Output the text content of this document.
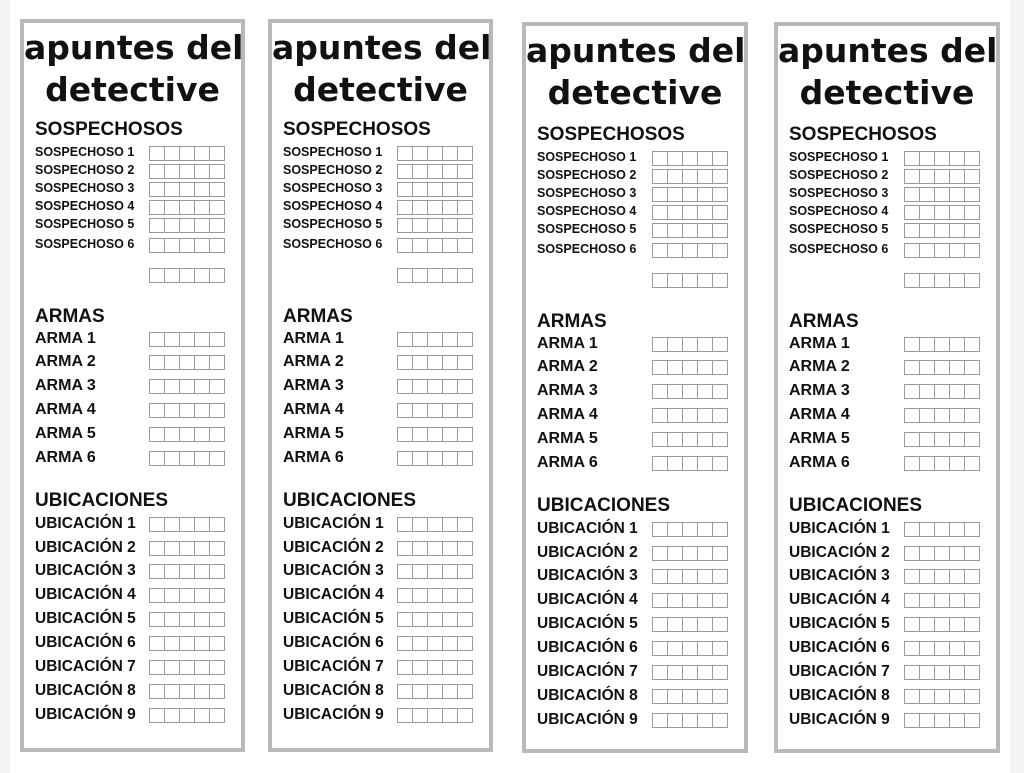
apuntes del
detective
SOSPECHOSOS
SOSPECHOSO 1
SOSPECHOSO 2
SOSPECHOSO 3
SOSPECHOSO 4
SOSPECHOSO 5
SOSPECHOSO 6
ARMAS
ARMA 1
ARMA 2
ARMA 3
ARMA 4
ARMA 5
ARMA 6
UBICACIONES
UBICACIÓN 1
UBICACIÓN 2
UBICACIÓN 3
UBICACIÓN 4
UBICACIÓN 5
UBICACIÓN 6
UBICACIÓN 7
UBICACIÓN 8
UBICACIÓN 9
apuntes del
detective
SOSPECHOSOS
SOSPECHOSO 1
SOSPECHOSO 2
SOSPECHOSO 3
SOSPECHOSO 4
SOSPECHOSO 5
SOSPECHOSO 6
ARMAS
ARMA 1
ARMA 2
ARMA 3
ARMA 4
ARMA 5
ARMA 6
UBICACIONES
UBICACIÓN 1
UBICACIÓN 2
UBICACIÓN 3
UBICACIÓN 4
UBICACIÓN 5
UBICACIÓN 6
UBICACIÓN 7
UBICACIÓN 8
UBICACIÓN 9
apuntes del
detective
SOSPECHOSOS
SOSPECHOSO 1
SOSPECHOSO 2
SOSPECHOSO 3
SOSPECHOSO 4
SOSPECHOSO 5
SOSPECHOSO 6
ARMAS
ARMA 1
ARMA 2
ARMA 3
ARMA 4
ARMA 5
ARMA 6
UBICACIONES
UBICACIÓN 1
UBICACIÓN 2
UBICACIÓN 3
UBICACIÓN 4
UBICACIÓN 5
UBICACIÓN 6
UBICACIÓN 7
UBICACIÓN 8
UBICACIÓN 9
apuntes del
detective
SOSPECHOSOS
SOSPECHOSO 1
SOSPECHOSO 2
SOSPECHOSO 3
SOSPECHOSO 4
SOSPECHOSO 5
SOSPECHOSO 6
ARMAS
ARMA 1
ARMA 2
ARMA 3
ARMA 4
ARMA 5
ARMA 6
UBICACIONES
UBICACIÓN 1
UBICACIÓN 2
UBICACIÓN 3
UBICACIÓN 4
UBICACIÓN 5
UBICACIÓN 6
UBICACIÓN 7
UBICACIÓN 8
UBICACIÓN 9
